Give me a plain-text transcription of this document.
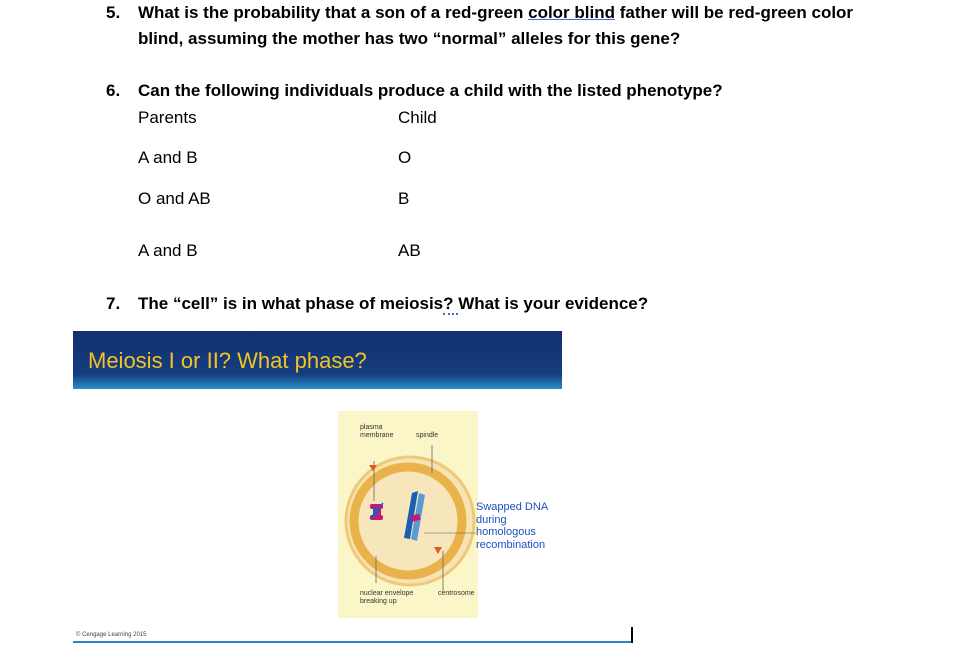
5. What is the probability that a son of a red-green color blind father will be red-green color
blind, assuming the mother has two “normal” alleles for this gene?
6. Can the following individuals produce a child with the listed phenotype?
Parents	Child
A and B	O
O and AB	B
A and B	AB
7. The “cell” is in what phase of meiosis? What is your evidence?
Meiosis I or II? What phase?
plasma
membrane	spindle
nuclear envelope
breaking up
centrosome
Swapped DNA
during
homologous
recombination
© Cengage Learning 2015
